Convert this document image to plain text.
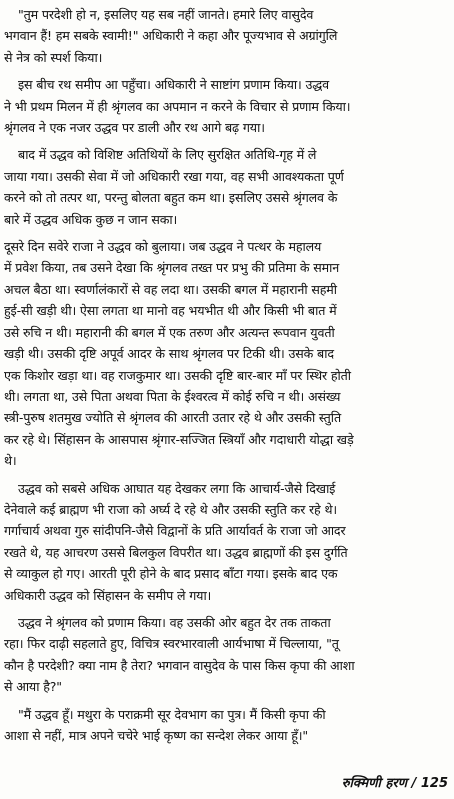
"तुम परदेशी हो न, इसलिए यह सब नहीं जानते। हमारे लिए वासुदेव
भगवान हैं! हम सबके स्वामी!" अधिकारी ने कहा और पूज्यभाव से अग्रांगुलि
से नेत्र को स्पर्श किया।
इस बीच रथ समीप आ पहुँचा। अधिकारी ने साष्टांग प्रणाम किया। उद्धव
ने भी प्रथम मिलन में ही श्रृंगलव का अपमान न करने के विचार से प्रणाम किया।
श्रृंगलव ने एक नजर उद्धव पर डाली और रथ आगे बढ़ गया।
बाद में उद्धव को विशिष्ट अतिथियों के लिए सुरक्षित अतिथि-गृह में ले
जाया गया। उसकी सेवा में जो अधिकारी रखा गया, वह सभी आवश्यकता पूर्ण
करने को तो तत्पर था, परन्तु बोलता बहुत कम था। इसलिए उससे श्रृंगलव के
बारे में उद्धव अधिक कुछ न जान सका।
दूसरे दिन सवेरे राजा ने उद्धव को बुलाया। जब उद्धव ने पत्थर के महालय
में प्रवेश किया, तब उसने देखा कि श्रृंगलव तख्त पर प्रभु की प्रतिमा के समान
अचल बैठा था। स्वर्णालंकारों से वह लदा था। उसकी बगल में महारानी सहमी
हुई-सी खड़ी थी। ऐसा लगता था मानो वह भयभीत थी और किसी भी बात में
उसे रुचि न थी। महारानी की बगल में एक तरुण और अत्यन्त रूपवान युवती
खड़ी थी। उसकी दृष्टि अपूर्व आदर के साथ श्रृंगलव पर टिकी थी। उसके बाद
एक किशोर खड़ा था। वह राजकुमार था। उसकी दृष्टि बार-बार माँ पर स्थिर होती
थी। लगता था, उसे पिता अथवा पिता के ईश्वरत्व में कोई रुचि न थी। असंख्य
स्त्री-पुरुष शतमुख ज्योति से श्रृंगलव की आरती उतार रहे थे और उसकी स्तुति
कर रहे थे। सिंहासन के आसपास श्रृंगार-सज्जित स्त्रियाँ और गदाधारी योद्धा खड़े
थे।
उद्धव को सबसे अधिक आघात यह देखकर लगा कि आचार्य-जैसे दिखाई
देनेवाले कई ब्राह्मण भी राजा को अर्घ्य दे रहे थे और उसकी स्तुति कर रहे थे।
गर्गाचार्य अथवा गुरु सांदीपनि-जैसे विद्वानों के प्रति आर्यावर्त के राजा जो आदर
रखते थे, यह आचरण उससे बिलकुल विपरीत था। उद्धव ब्राह्मणों की इस दुर्गति
से व्याकुल हो गए। आरती पूरी होने के बाद प्रसाद बाँटा गया। इसके बाद एक
अधिकारी उद्धव को सिंहासन के समीप ले गया।
उद्धव ने श्रृंगलव को प्रणाम किया। वह उसकी ओर बहुत देर तक ताकता
रहा। फिर दाढ़ी सहलाते हुए, विचित्र स्वरभारवाली आर्यभाषा में चिल्लाया, "तू
कौन है परदेशी? क्या नाम है तेरा? भगवान वासुदेव के पास किस कृपा की आशा
से आया है?"
"मैं उद्धव हूँ। मथुरा के पराक्रमी सूर देवभाग का पुत्र। मैं किसी कृपा की
आशा से नहीं, मात्र अपने चचेरे भाई कृष्ण का सन्देश लेकर आया हूँ।"
रुक्मिणी हरण / 125
